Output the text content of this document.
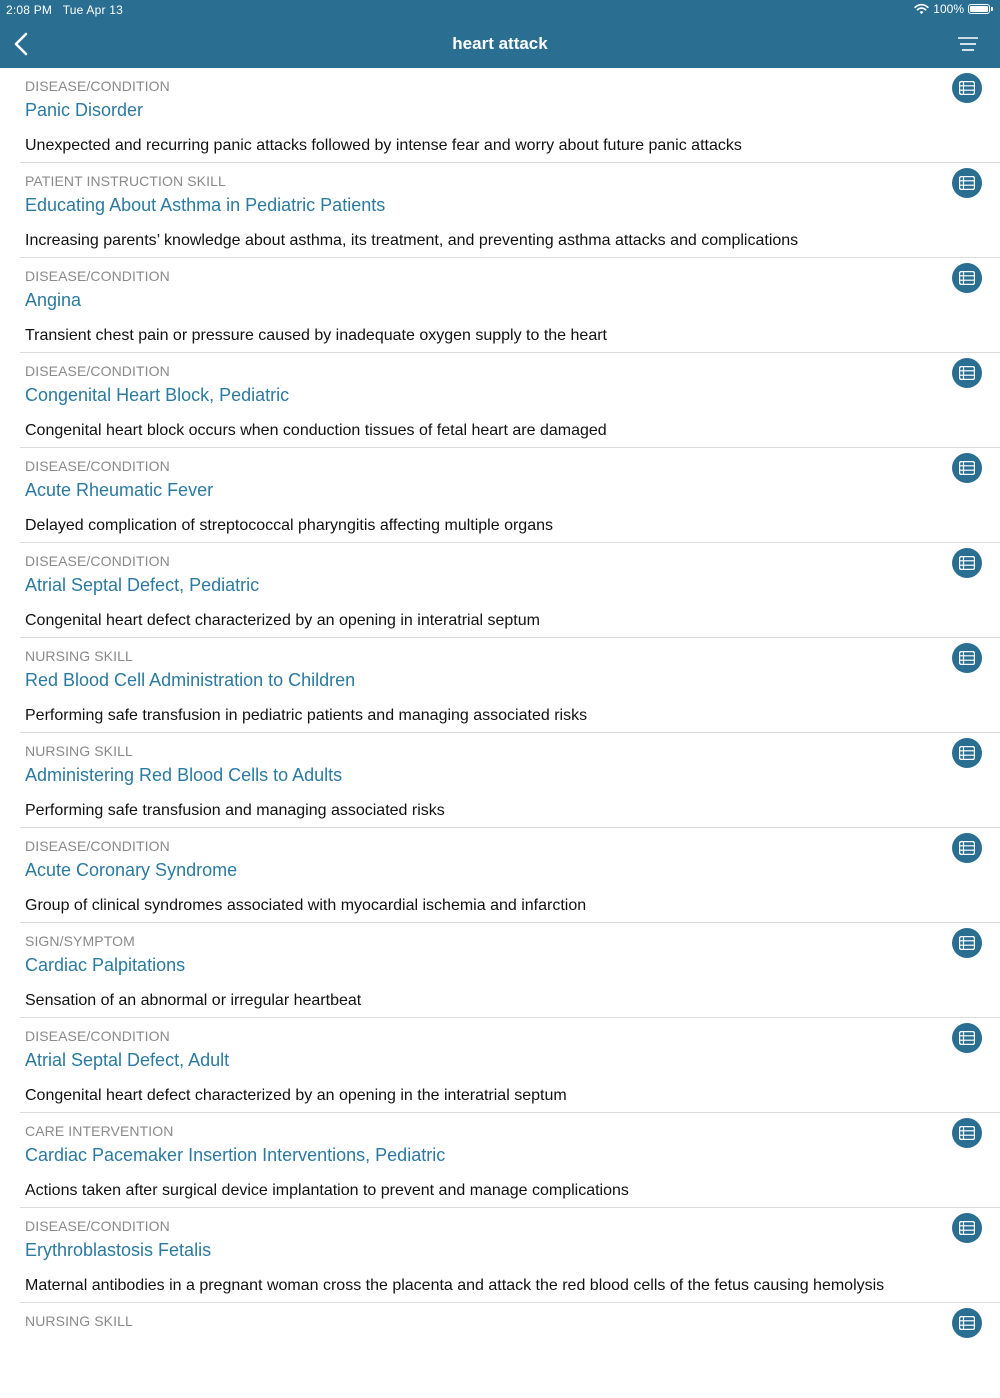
2:08 PM Tue Apr 13	100%
heart attack
DISEASE/CONDITION
Panic Disorder
Unexpected and recurring panic attacks followed by intense fear and worry about future panic attacks
PATIENT INSTRUCTION SKILL
Educating About Asthma in Pediatric Patients
Increasing parents’ knowledge about asthma, its treatment, and preventing asthma attacks and complications
DISEASE/CONDITION
Angina
Transient chest pain or pressure caused by inadequate oxygen supply to the heart
DISEASE/CONDITION
Congenital Heart Block, Pediatric
Congenital heart block occurs when conduction tissues of fetal heart are damaged
DISEASE/CONDITION
Acute Rheumatic Fever
Delayed complication of streptococcal pharyngitis affecting multiple organs
DISEASE/CONDITION
Atrial Septal Defect, Pediatric
Congenital heart defect characterized by an opening in interatrial septum
NURSING SKILL
Red Blood Cell Administration to Children
Performing safe transfusion in pediatric patients and managing associated risks
NURSING SKILL
Administering Red Blood Cells to Adults
Performing safe transfusion and managing associated risks
DISEASE/CONDITION
Acute Coronary Syndrome
Group of clinical syndromes associated with myocardial ischemia and infarction
SIGN/SYMPTOM
Cardiac Palpitations
Sensation of an abnormal or irregular heartbeat
DISEASE/CONDITION
Atrial Septal Defect, Adult
Congenital heart defect characterized by an opening in the interatrial septum
CARE INTERVENTION
Cardiac Pacemaker Insertion Interventions, Pediatric
Actions taken after surgical device implantation to prevent and manage complications
DISEASE/CONDITION
Erythroblastosis Fetalis
Maternal antibodies in a pregnant woman cross the placenta and attack the red blood cells of the fetus causing hemolysis
NURSING SKILL
